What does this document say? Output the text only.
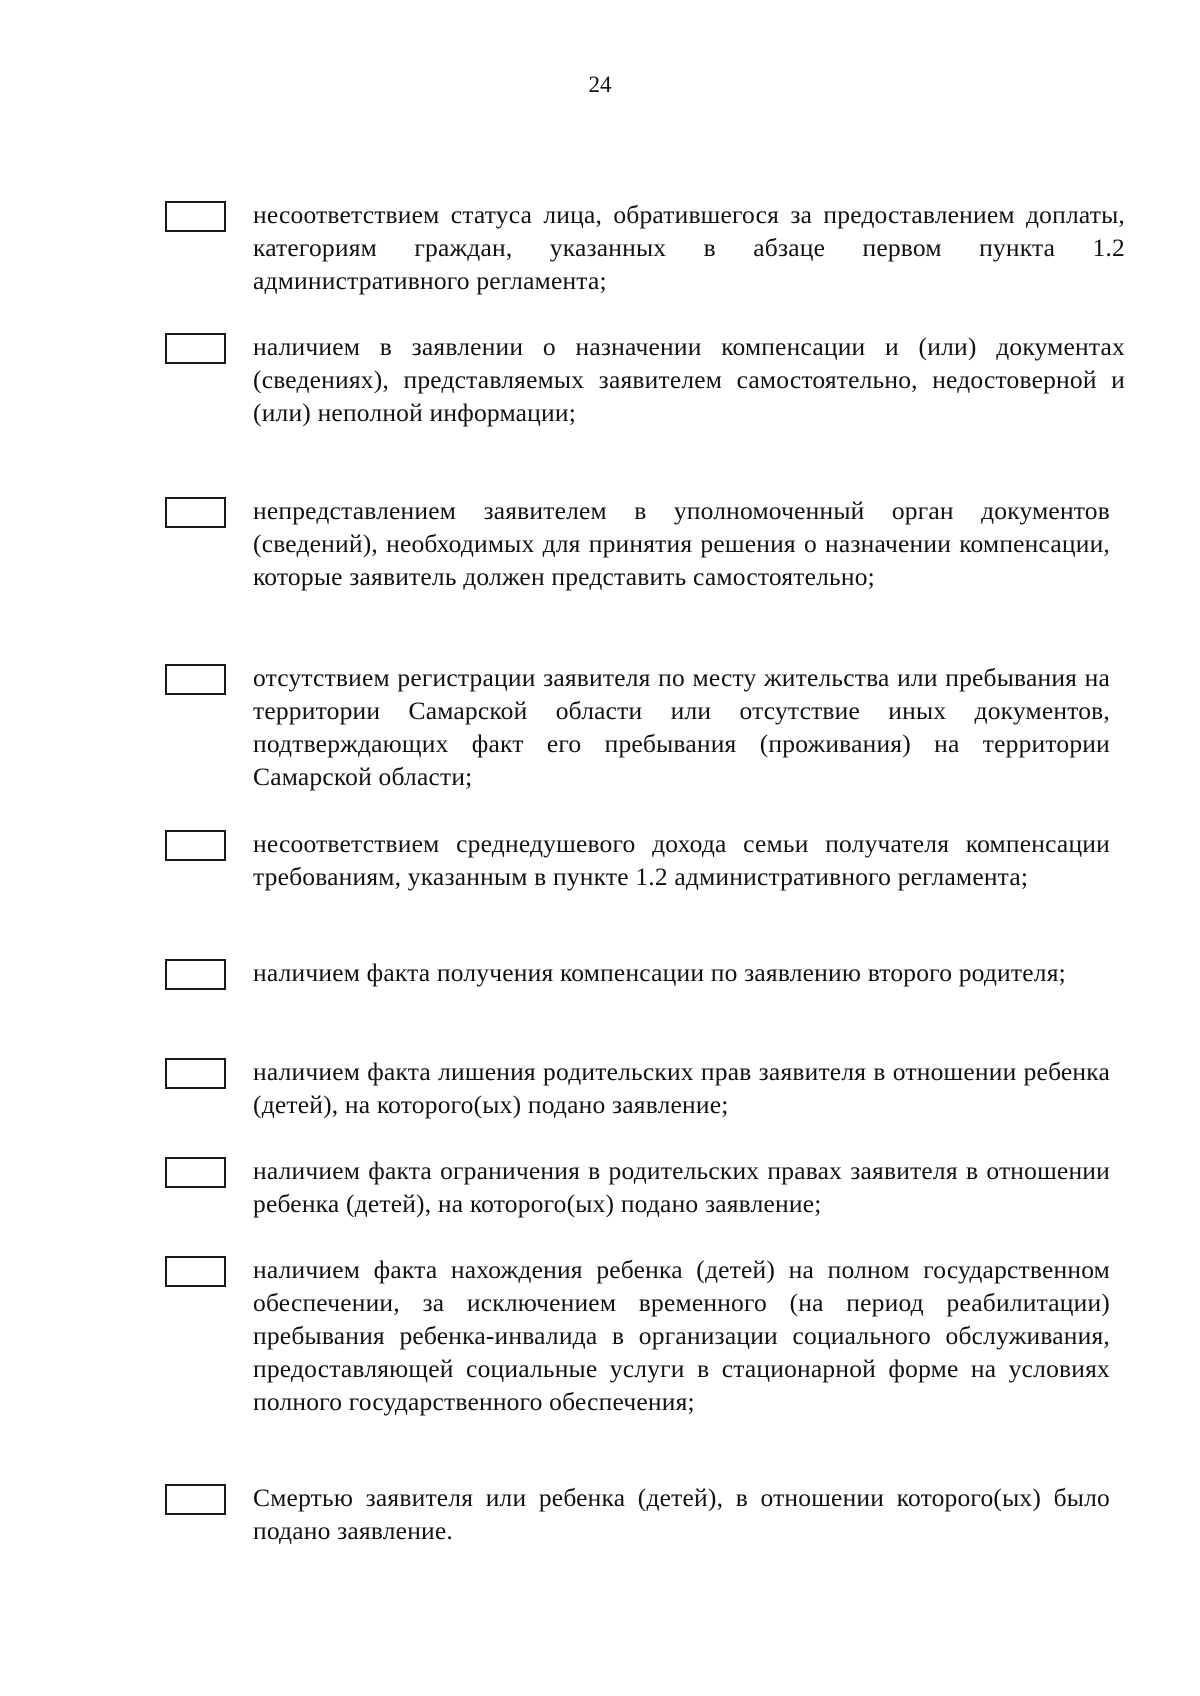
24
несоответствием статуса лица, обратившегося за предоставлением доплаты, категориям граждан, указанных в абзаце первом пункта 1.2 административного регламента;
наличием в заявлении о назначении компенсации и (или) документах (сведениях), представляемых заявителем самостоятельно, недостоверной и (или) неполной информации;
непредставлением заявителем в уполномоченный орган документов (сведений), необходимых для принятия решения о назначении компенсации, которые заявитель должен представить самостоятельно;
отсутствием регистрации заявителя по месту жительства или пребывания на территории Самарской области или отсутствие иных документов, подтверждающих факт его пребывания (проживания) на территории Самарской области;
несоответствием среднедушевого дохода семьи получателя компенсации требованиям, указанным в пункте 1.2 административного регламента;
наличием факта получения компенсации по заявлению второго родителя;
наличием факта лишения родительских прав заявителя в отношении ребенка (детей), на которого(ых) подано заявление;
наличием факта ограничения в родительских правах заявителя в отношении ребенка (детей), на которого(ых) подано заявление;
наличием факта нахождения ребенка (детей) на полном государственном обеспечении, за исключением временного (на период реабилитации) пребывания ребенка-инвалида в организации социального обслуживания, предоставляющей социальные услуги в стационарной форме на условиях полного государственного обеспечения;
Смертью заявителя или ребенка (детей), в отношении которого(ых) было подано заявление.
